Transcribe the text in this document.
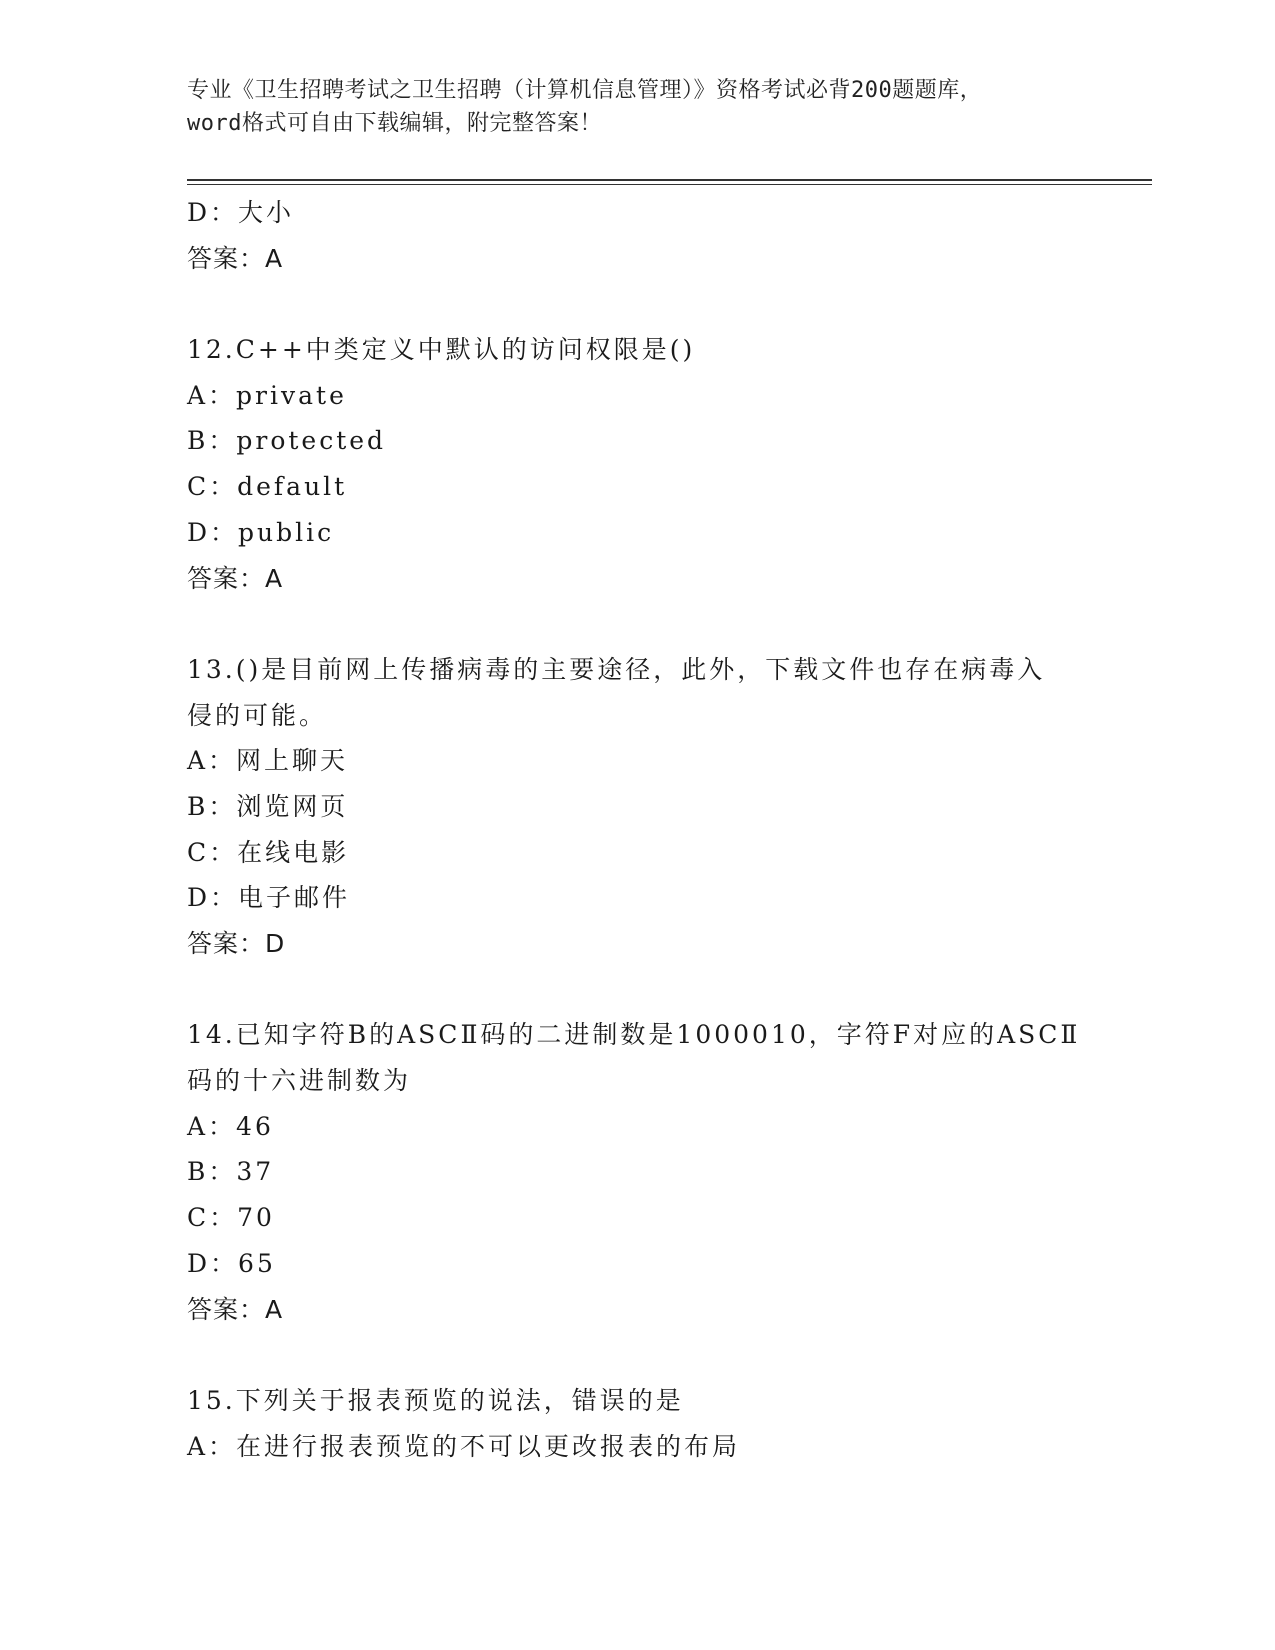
专业《卫生招聘考试之卫生招聘（计算机信息管理）》资格考试必背200题题库，
word格式可自由下载编辑，附完整答案！
D：大小
答案：A
12.C++中类定义中默认的访问权限是()
A：private
B：protected
C：default
D：public
答案：A
13.()是目前网上传播病毒的主要途径，此外，下载文件也存在病毒入
侵的可能。
A：网上聊天
B：浏览网页
C：在线电影
D：电子邮件
答案：D
14.已知字符B的ASCⅡ码的二进制数是1000010，字符F对应的ASCⅡ
码的十六进制数为
A：46
B：37
C：70
D：65
答案：A
15.下列关于报表预览的说法，错误的是
A：在进行报表预览的不可以更改报表的布局
